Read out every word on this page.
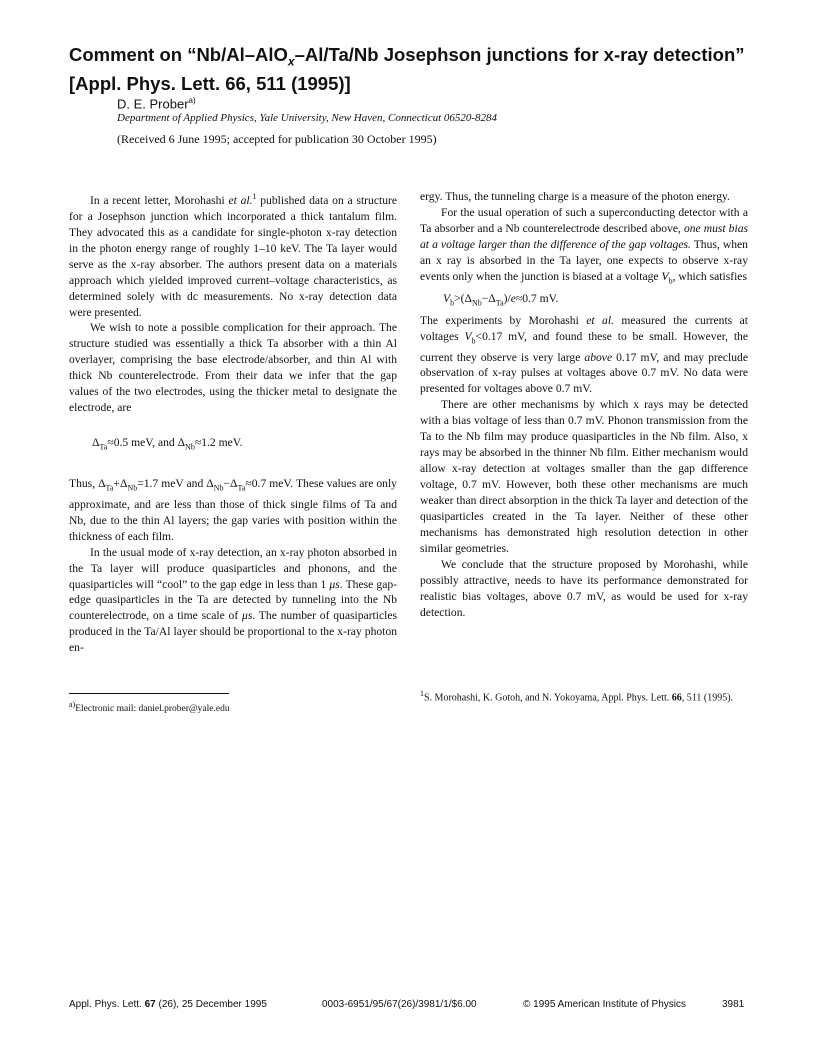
Comment on “Nb/Al–AlO$_x$–Al/Ta/Nb Josephson junctions for x-ray detection” [Appl. Phys. Lett. 66, 511 (1995)]
D. E. Prober$^{a)}$
Department of Applied Physics, Yale University, New Haven, Connecticut 06520-8284
(Received 6 June 1995; accepted for publication 30 October 1995)

In a recent letter, Morohashi et al.$^1$ published data on a structure for a Josephson junction which incorporated a thick tantalum film. They advocated this as a candidate for single-photon x-ray detection in the photon energy range of roughly 1–10 keV. The Ta layer would serve as the x-ray absorber. The authors present data on a materials approach which yielded improved current–voltage characteristics, as determined solely with dc measurements. No x-ray detection data were presented.

We wish to note a possible complication for their approach. The structure studied was essentially a thick Ta absorber with a thin Al overlayer, comprising the base electrode/absorber, and thin Al with thick Nb counterelectrode. From their data we infer that the gap values of the two electrodes, using the thicker metal to designate the electrode, are

$\Delta_{Ta}\approx 0.5$ meV, and $\Delta_{Nb}\approx 1.2$ meV.

Thus, $\Delta_{Ta}+\Delta_{Nb}=1.7$ meV and $\Delta_{Nb}-\Delta_{Ta}\approx 0.7$ meV. These values are only approximate, and are less than those of thick single films of Ta and Nb, due to the thin Al layers; the gap varies with position within the thickness of each film.

In the usual mode of x-ray detection, an x-ray photon absorbed in the Ta layer will produce quasiparticles and phonons, and the quasiparticles will “cool” to the gap edge in less than 1 μs. These gap-edge quasiparticles in the Ta are detected by tunneling into the Nb counterelectrode, on a time scale of μs. The number of quasiparticles produced in the Ta/Al layer should be proportional to the x-ray photon en-

ergy. Thus, the tunneling charge is a measure of the photon energy.

For the usual operation of such a superconducting detector with a Ta absorber and a Nb counterelectrode described above, one must bias at a voltage larger than the difference of the gap voltages. Thus, when an x ray is absorbed in the Ta layer, one expects to observe x-ray events only when the junction is biased at a voltage $V_b$, which satisfies

$V_b>(\Delta_{Nb}-\Delta_{Ta})/e\approx 0.7$ mV.

The experiments by Morohashi et al. measured the currents at voltages $V_b<0.17$ mV, and found these to be small. However, the current they observe is very large above 0.17 mV, and may preclude observation of x-ray pulses at voltages above 0.7 mV. No data were presented for voltages above 0.7 mV.

There are other mechanisms by which x rays may be detected with a bias voltage of less than 0.7 mV. Phonon transmission from the Ta to the Nb film may produce quasiparticles in the Nb film. Also, x rays may be absorbed in the thinner Nb film. Either mechanism would allow x-ray detection at voltages smaller than the gap difference voltage, 0.7 mV. However, both these other mechanisms are much weaker than direct absorption in the thick Ta layer and detection of the quasiparticles created in the Ta layer. Neither of these other mechanisms has demonstrated high resolution detection in other similar geometries.

We conclude that the structure proposed by Morohashi, while possibly attractive, needs to have its performance demonstrated for realistic bias voltages, above 0.7 mV, as would be used for x-ray detection.

$^{a)}$Electronic mail: daniel.prober@yale.edu
$^1$S. Morohashi, K. Gotoh, and N. Yokoyama, Appl. Phys. Lett. 66, 511 (1995).
Appl. Phys. Lett. 67 (26), 25 December 1995	0003-6951/95/67(26)/3981/1/$6.00	© 1995 American Institute of Physics	3981
